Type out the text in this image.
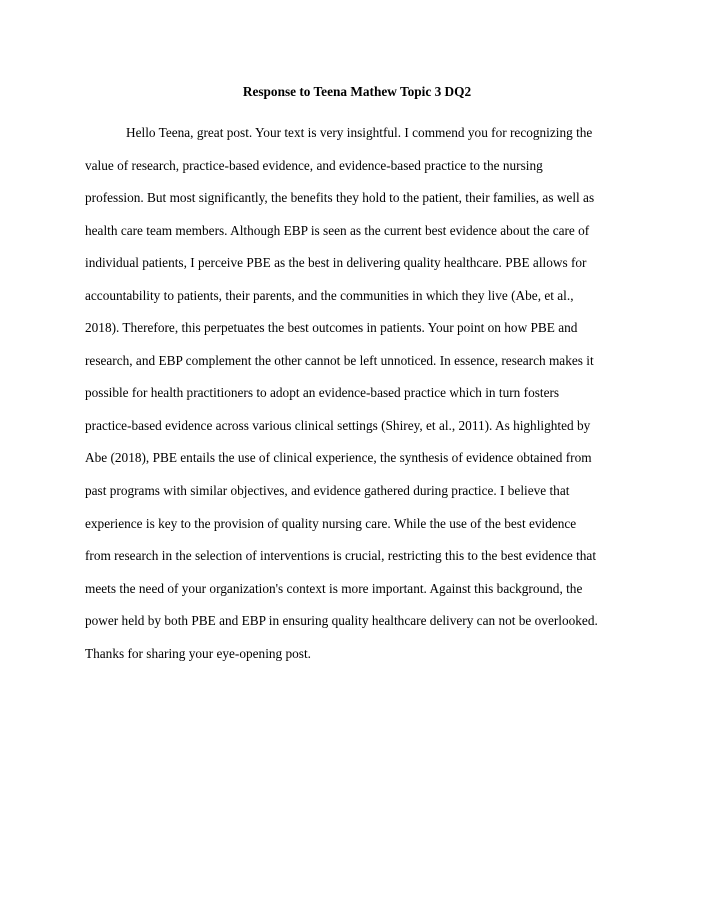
Response to Teena Mathew Topic 3 DQ2
Hello Teena, great post. Your text is very insightful. I commend you for recognizing the
value of research, practice-based evidence, and evidence-based practice to the nursing
profession. But most significantly, the benefits they hold to the patient, their families, as well as
health care team members. Although EBP is seen as the current best evidence about the care of
individual patients, I perceive PBE as the best in delivering quality healthcare. PBE allows for
accountability to patients, their parents, and the communities in which they live (Abe, et al.,
2018). Therefore, this perpetuates the best outcomes in patients. Your point on how PBE and
research, and EBP complement the other cannot be left unnoticed. In essence, research makes it
possible for health practitioners to adopt an evidence-based practice which in turn fosters
practice-based evidence across various clinical settings (Shirey, et al., 2011). As highlighted by
Abe (2018), PBE entails the use of clinical experience, the synthesis of evidence obtained from
past programs with similar objectives, and evidence gathered during practice. I believe that
experience is key to the provision of quality nursing care. While the use of the best evidence
from research in the selection of interventions is crucial, restricting this to the best evidence that
meets the need of your organization's context is more important. Against this background, the
power held by both PBE and EBP in ensuring quality healthcare delivery can not be overlooked.
Thanks for sharing your eye-opening post.
